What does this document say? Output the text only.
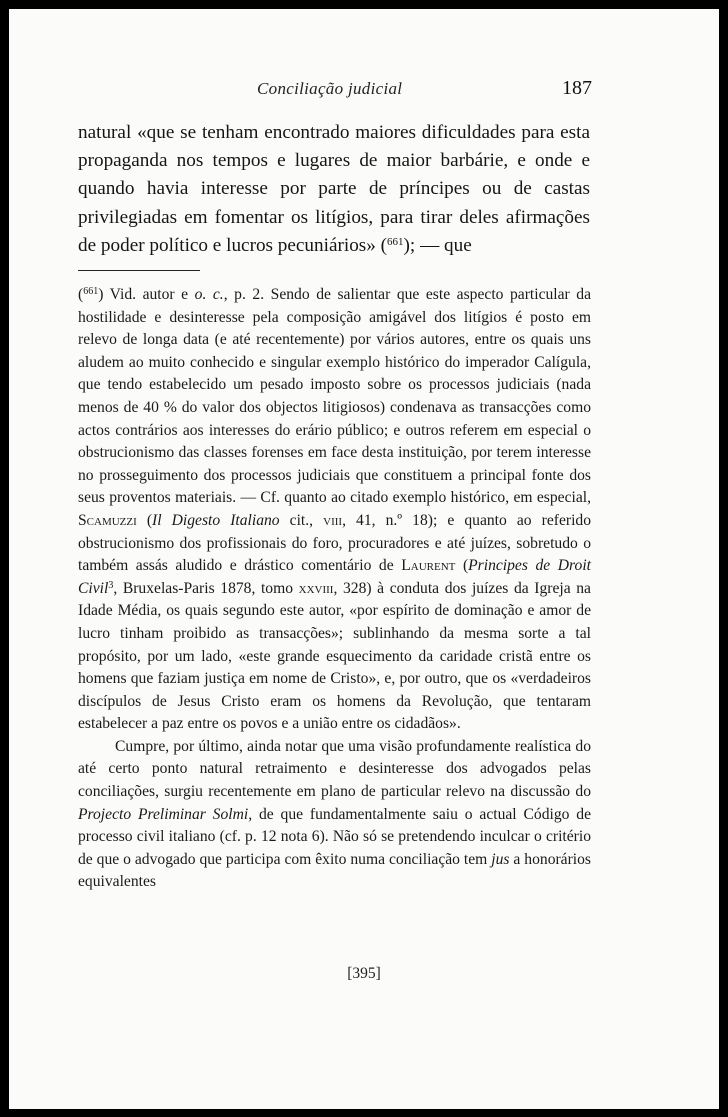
Conciliação judicial	187

natural «que se tenham encontrado maiores dificuldades para esta propaganda nos tempos e lugares de maior barbárie, e onde e quando havia interesse por parte de príncipes ou de castas privilegiadas em fomentar os litígios, para tirar deles afirmações de poder político e lucros pecuniários» ($^{661}$); — que

($^{661}$) Vid. autor e o. c., p. 2. Sendo de salientar que este aspecto particular da hostilidade e desinteresse pela composição amigável dos litígios é posto em relevo de longa data (e até recentemente) por vários autores, entre os quais uns aludem ao muito conhecido e singular exemplo histórico do imperador Calígula, que tendo estabelecido um pesado imposto sobre os processos judiciais (nada menos de 40 % do valor dos objectos litigiosos) condenava as transacções como actos contrários aos interesses do erário público; e outros referem em especial o obstrucionismo das classes forenses em face desta instituição, por terem interesse no prosseguimento dos processos judiciais que constituem a principal fonte dos seus proventos materiais. — Cf. quanto ao citado exemplo histórico, em especial, Scamuzzi (Il Digesto Italiano cit., viii, 41, n.º 18); e quanto ao referido obstrucionismo dos profissionais do foro, procuradores e até juízes, sobretudo o também assás aludido e drástico comentário de Laurent (Principes de Droit Civil$^3$, Bruxelas-Paris 1878, tomo xxviii, 328) à conduta dos juízes da Igreja na Idade Média, os quais segundo este autor, «por espírito de dominação e amor de lucro tinham proibido as transacções»; sublinhando da mesma sorte a tal propósito, por um lado, «este grande esquecimento da caridade cristã entre os homens que faziam justiça em nome de Cristo», e, por outro, que os «verdadeiros discípulos de Jesus Cristo eram os homens da Revolução, que tentaram estabelecer a paz entre os povos e a união entre os cidadãos».

Cumpre, por último, ainda notar que uma visão profundamente realística do até certo ponto natural retraimento e desinteresse dos advogados pelas conciliações, surgiu recentemente em plano de particular relevo na discussão do Projecto Preliminar Solmi, de que fundamentalmente saiu o actual Código de processo civil italiano (cf. p. 12 nota 6). Não só se pretendendo inculcar o critério de que o advogado que participa com êxito numa conciliação tem jus a honorários equivalentes

[395]
